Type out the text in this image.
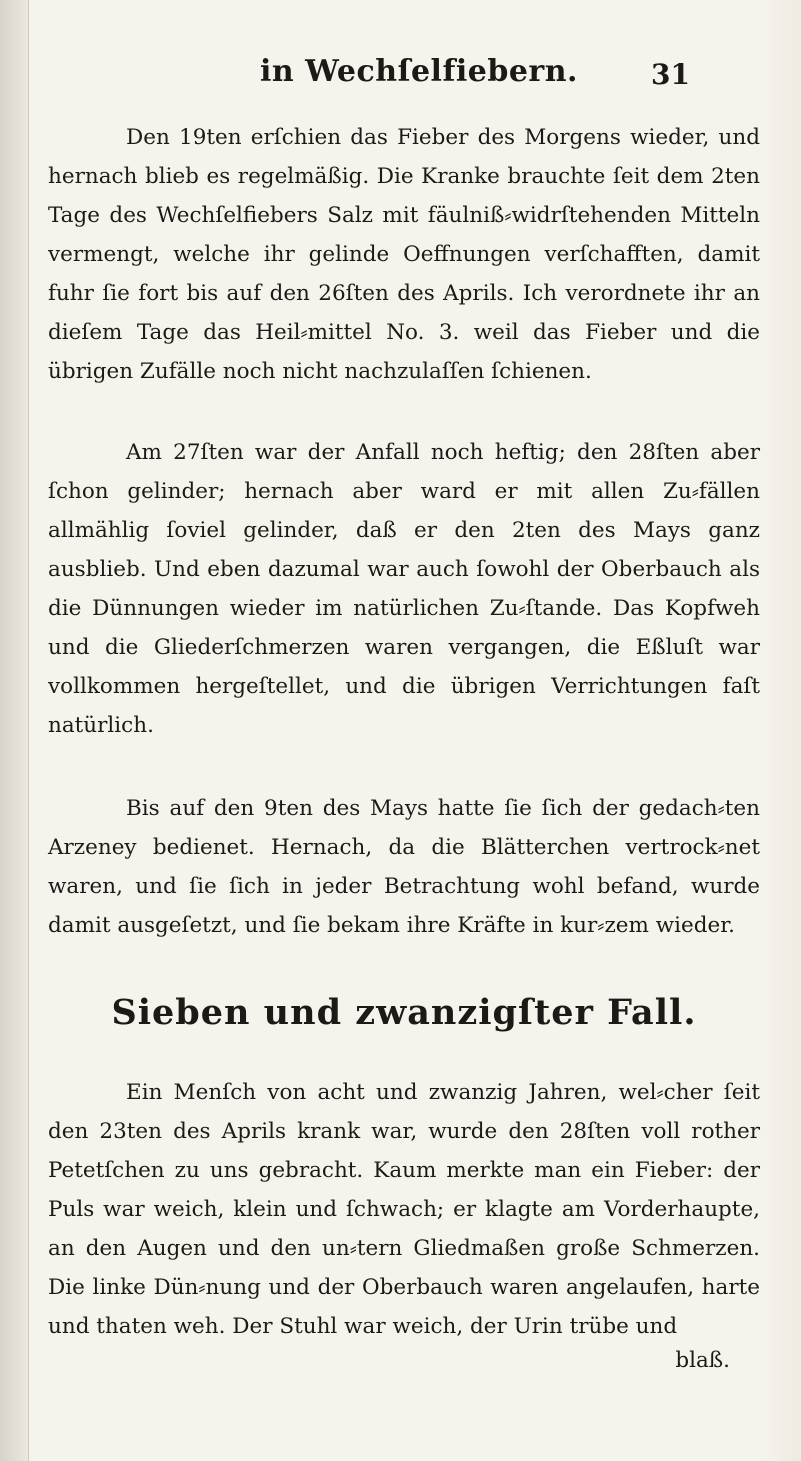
in Wechſelfiebern.	31

Den 19ten erſchien das Fieber des Morgens wieder, und hernach blieb es regelmäßig. Die Kranke brauchte ſeit dem 2ten Tage des Wechſelfiebers Salz mit fäulniß⸗widrſtehenden Mitteln vermengt, welche ihr gelinde Oeffnungen verſchafften, damit fuhr ſie fort bis auf den 26ſten des Aprils. Ich verordnete ihr an dieſem Tage das Heil⸗mittel No. 3. weil das Fieber und die übrigen Zufälle noch nicht nachzulaſſen ſchienen.

Am 27ſten war der Anfall noch heftig; den 28ſten aber ſchon gelinder; hernach aber ward er mit allen Zu⸗fällen allmählig ſoviel gelinder, daß er den 2ten des Mays ganz ausblieb. Und eben dazumal war auch ſowohl der Oberbauch als die Dünnungen wieder im natürlichen Zu⸗ſtande. Das Kopfweh und die Gliederſchmerzen waren vergangen, die Eßluſt war vollkommen hergeſtellet, und die übrigen Verrichtungen faſt natürlich.

Bis auf den 9ten des Mays hatte ſie ſich der gedach⸗ten Arzeney bedienet. Hernach, da die Blätterchen vertrock⸗net waren, und ſie ſich in jeder Betrachtung wohl befand, wurde damit ausgeſetzt, und ſie bekam ihre Kräfte in kur⸗zem wieder.

Sieben und zwanzigſter Fall.

Ein Menſch von acht und zwanzig Jahren, wel⸗cher ſeit den 23ten des Aprils krank war, wurde den 28ſten voll rother Petetſchen zu uns gebracht. Kaum merkte man ein Fieber: der Puls war weich, klein und ſchwach; er klagte am Vorderhaupte, an den Augen und den un⸗tern Gliedmaßen große Schmerzen. Die linke Dün⸗nung und der Oberbauch waren angelaufen, harte und thaten weh. Der Stuhl war weich, der Urin trübe und

blaß.
